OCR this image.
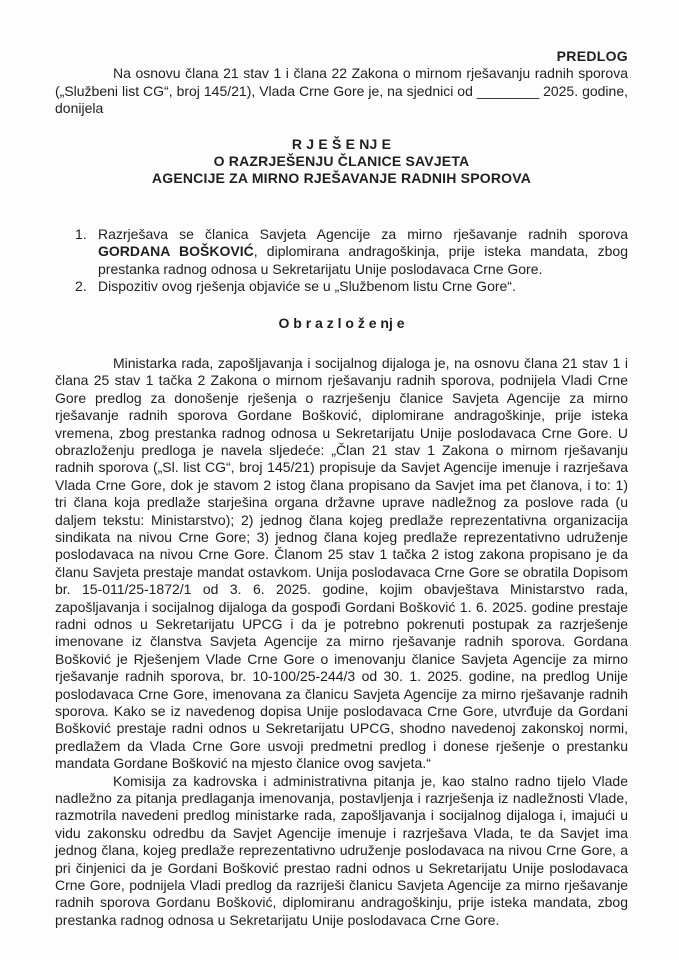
PREDLOG

Na osnovu člana 21 stav 1 i člana 22 Zakona o mirnom rješavanju radnih sporova („Službeni list CG“, broj 145/21), Vlada Crne Gore je, na sjednici od ________ 2025. godine, donijela

R J E Š E NJ E
O RAZRJEŠENJU ČLANICE SAVJETA
AGENCIJE ZA MIRNO RJEŠAVANJE RADNIH SPOROVA
1. Razrješava se članica Savjeta Agencije za mirno rješavanje radnih sporova GORDANA BOŠKOVIĆ, diplomirana andragoškinja, prije isteka mandata, zbog prestanka radnog odnosa u Sekretarijatu Unije poslodavaca Crne Gore.
2. Dispozitiv ovog rješenja objaviće se u „Službenom listu Crne Gore“.
O b r a z l o ž e nj e

Ministarka rada, zapošljavanja i socijalnog dijaloga je, na osnovu člana 21 stav 1 i člana 25 stav 1 tačka 2 Zakona o mirnom rješavanju radnih sporova, podnijela Vladi Crne Gore predlog za donošenje rješenja o razrješenju članice Savjeta Agencije za mirno rješavanje radnih sporova Gordane Bošković, diplomirane andragoškinje, prije isteka vremena, zbog prestanka radnog odnosa u Sekretarijatu Unije poslodavaca Crne Gore. U obrazloženju predloga je navela sljedeće: „Član 21 stav 1 Zakona o mirnom rješavanju radnih sporova („Sl. list CG“, broj 145/21) propisuje da Savjet Agencije imenuje i razrješava Vlada Crne Gore, dok je stavom 2 istog člana propisano da Savjet ima pet članova, i to: 1) tri člana koja predlaže starješina organa državne uprave nadležnog za poslove rada (u daljem tekstu: Ministarstvo); 2) jednog člana kojeg predlaže reprezentativna organizacija sindikata na nivou Crne Gore; 3) jednog člana kojeg predlaže reprezentativno udruženje poslodavaca na nivou Crne Gore. Članom 25 stav 1 tačka 2 istog zakona propisano je da članu Savjeta prestaje mandat ostavkom. Unija poslodavaca Crne Gore se obratila Dopisom br. 15-011/25-1872/1 od 3. 6. 2025. godine, kojim obavještava Ministarstvo rada, zapošljavanja i socijalnog dijaloga da gospođi Gordani Bošković 1. 6. 2025. godine prestaje radni odnos u Sekretarijatu UPCG i da je potrebno pokrenuti postupak za razrješenje imenovane iz članstva Savjeta Agencije za mirno rješavanje radnih sporova. Gordana Bošković je Rješenjem Vlade Crne Gore o imenovanju članice Savjeta Agencije za mirno rješavanje radnih sporova, br. 10-100/25-244/3 od 30. 1. 2025. godine, na predlog Unije poslodavaca Crne Gore, imenovana za članicu Savjeta Agencije za mirno rješavanje radnih sporova. Kako se iz navedenog dopisa Unije poslodavaca Crne Gore, utvrđuje da Gordani Bošković prestaje radni odnos u Sekretarijatu UPCG, shodno navedenoj zakonskoj normi, predlažem da Vlada Crne Gore usvoji predmetni predlog i donese rješenje o prestanku mandata Gordane Bošković na mjesto članice ovog savjeta.“

Komisija za kadrovska i administrativna pitanja je, kao stalno radno tijelo Vlade nadležno za pitanja predlaganja imenovanja, postavljenja i razrješenja iz nadležnosti Vlade, razmotrila navedeni predlog ministarke rada, zapošljavanja i socijalnog dijaloga i, imajući u vidu zakonsku odredbu da Savjet Agencije imenuje i razrješava Vlada, te da Savjet ima jednog člana, kojeg predlaže reprezentativno udruženje poslodavaca na nivou Crne Gore, a pri činjenici da je Gordani Bošković prestao radni odnos u Sekretarijatu Unije poslodavaca Crne Gore, podnijela Vladi predlog da razriješi članicu Savjeta Agencije za mirno rješavanje radnih sporova Gordanu Bošković, diplomiranu andragoškinju, prije isteka mandata, zbog prestanka radnog odnosa u Sekretarijatu Unije poslodavaca Crne Gore.
